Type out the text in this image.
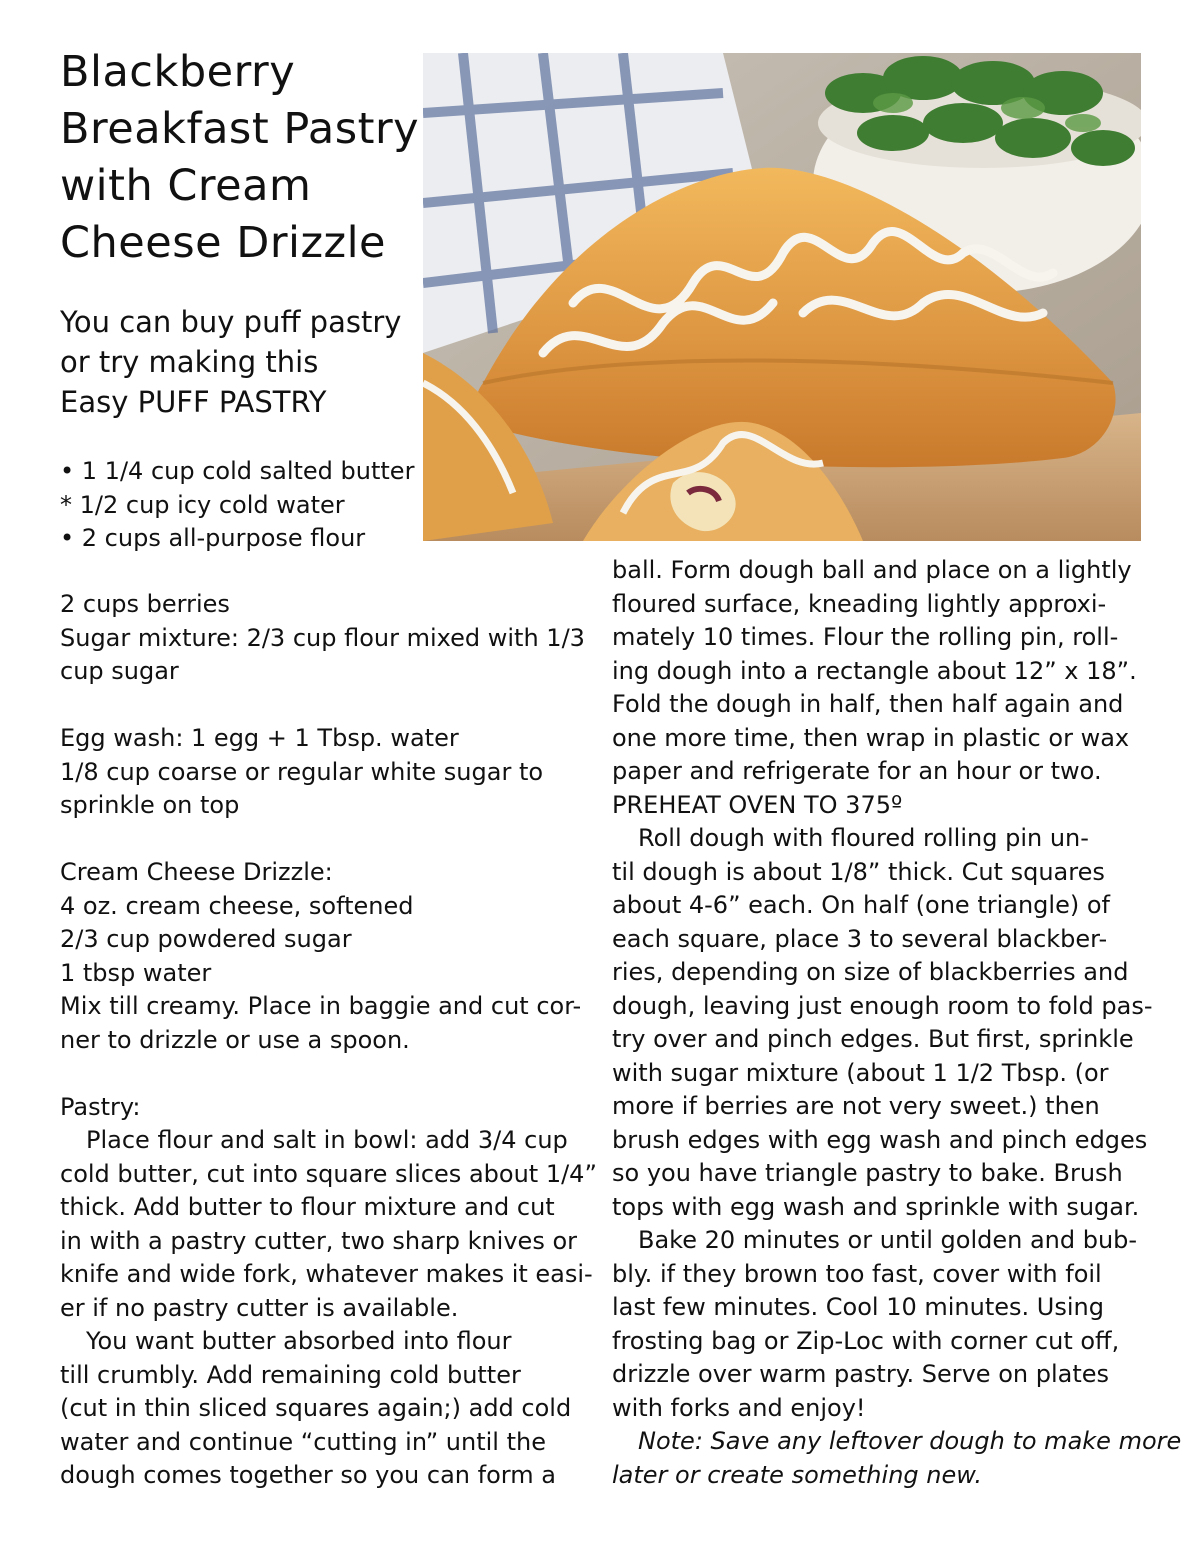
Blackberry Breakfast Pastry with Cream Cheese Drizzle
You can buy puff pastry
or try making this
Easy PUFF PASTRY
• 1 1/4 cup cold salted butter
* 1/2 cup icy cold water
• 2 cups all-purpose flour
2 cups berries
Sugar mixture: 2/3 cup flour mixed with 1/3
cup sugar
Egg wash: 1 egg + 1 Tbsp. water
1/8 cup coarse or regular white sugar to
sprinkle on top
Cream Cheese Drizzle:
4 oz. cream cheese, softened
2/3 cup powdered sugar
1 tbsp water
Mix till creamy. Place in baggie and cut cor-
ner to drizzle or use a spoon.
Pastry:
Place flour and salt in bowl: add 3/4 cup
cold butter, cut into square slices about 1/4”
thick. Add butter to flour mixture and cut
in with a pastry cutter, two sharp knives or
knife and wide fork, whatever makes it easi-
er if no pastry cutter is available.
You want butter absorbed into flour
till crumbly. Add remaining cold butter
(cut in thin sliced squares again;) add cold
water and continue “cutting in” until the
dough comes together so you can form a
ball. Form dough ball and place on a lightly
floured surface, kneading lightly approxi-
mately 10 times. Flour the rolling pin, roll-
ing dough into a rectangle about 12” x 18”.
Fold the dough in half, then half again and
one more time, then wrap in plastic or wax
paper and refrigerate for an hour or two.
PREHEAT OVEN TO 375º
Roll dough with floured rolling pin un-
til dough is about 1/8” thick. Cut squares
about 4-6” each. On half (one triangle) of
each square, place 3 to several blackber-
ries, depending on size of blackberries and
dough, leaving just enough room to fold pas-
try over and pinch edges. But first, sprinkle
with sugar mixture (about 1 1/2 Tbsp. (or
more if berries are not very sweet.) then
brush edges with egg wash and pinch edges
so you have triangle pastry to bake. Brush
tops with egg wash and sprinkle with sugar.
Bake 20 minutes or until golden and bub-
bly. if they brown too fast, cover with foil
last few minutes. Cool 10 minutes. Using
frosting bag or Zip-Loc with corner cut off,
drizzle over warm pastry. Serve on plates
with forks and enjoy!
Note: Save any leftover dough to make more
later or create something new.
